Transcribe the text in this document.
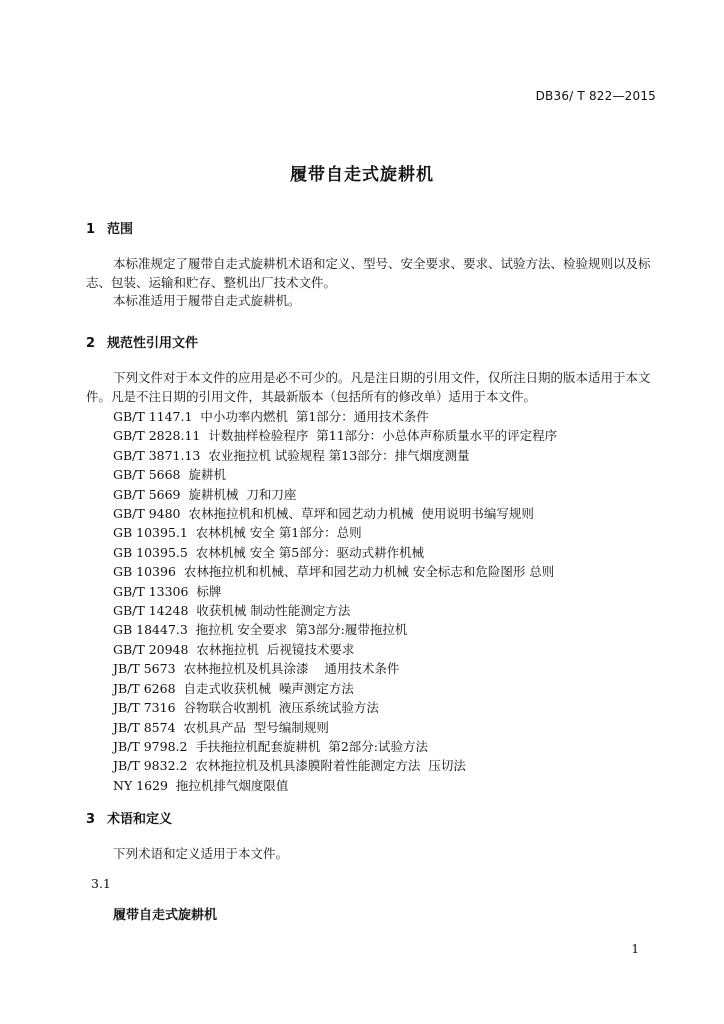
DB36/ T 822—2015
履带自走式旋耕机
1 范围

本标准规定了履带自走式旋耕机术语和定义、型号、安全要求、要求、试验方法、检验规则以及标
志、包装、运输和贮存、整机出厂技术文件。

本标准适用于履带自走式旋耕机。

2 规范性引用文件

下列文件对于本文件的应用是必不可少的。凡是注日期的引用文件，仅所注日期的版本适用于本文
件。凡是不注日期的引用文件，其最新版本（包括所有的修改单）适用于本文件。

GB/T 1147.1  中小功率内燃机  第1部分：通用技术条件
GB/T 2828.11  计数抽样检验程序  第11部分：小总体声称质量水平的评定程序
GB/T 3871.13  农业拖拉机 试验规程 第13部分：排气烟度测量
GB/T 5668  旋耕机
GB/T 5669  旋耕机械  刀和刀座
GB/T 9480  农林拖拉机和机械、草坪和园艺动力机械  使用说明书编写规则
GB 10395.1  农林机械 安全 第1部分：总则
GB 10395.5  农林机械 安全 第5部分：驱动式耕作机械
GB 10396  农林拖拉机和机械、草坪和园艺动力机械 安全标志和危险图形 总则
GB/T 13306  标牌
GB/T 14248  收获机械 制动性能测定方法
GB 18447.3  拖拉机 安全要求  第3部分:履带拖拉机
GB/T 20948  农林拖拉机  后视镜技术要求
JB/T 5673  农林拖拉机及机具涂漆    通用技术条件
JB/T 6268  自走式收获机械  噪声测定方法
JB/T 7316  谷物联合收割机  液压系统试验方法
JB/T 8574  农机具产品  型号编制规则
JB/T 9798.2  手扶拖拉机配套旋耕机  第2部分:试验方法
JB/T 9832.2  农林拖拉机及机具漆膜附着性能测定方法  压切法
NY 1629  拖拉机排气烟度限值
3 术语和定义

下列术语和定义适用于本文件。

3.1
履带自走式旋耕机
1
